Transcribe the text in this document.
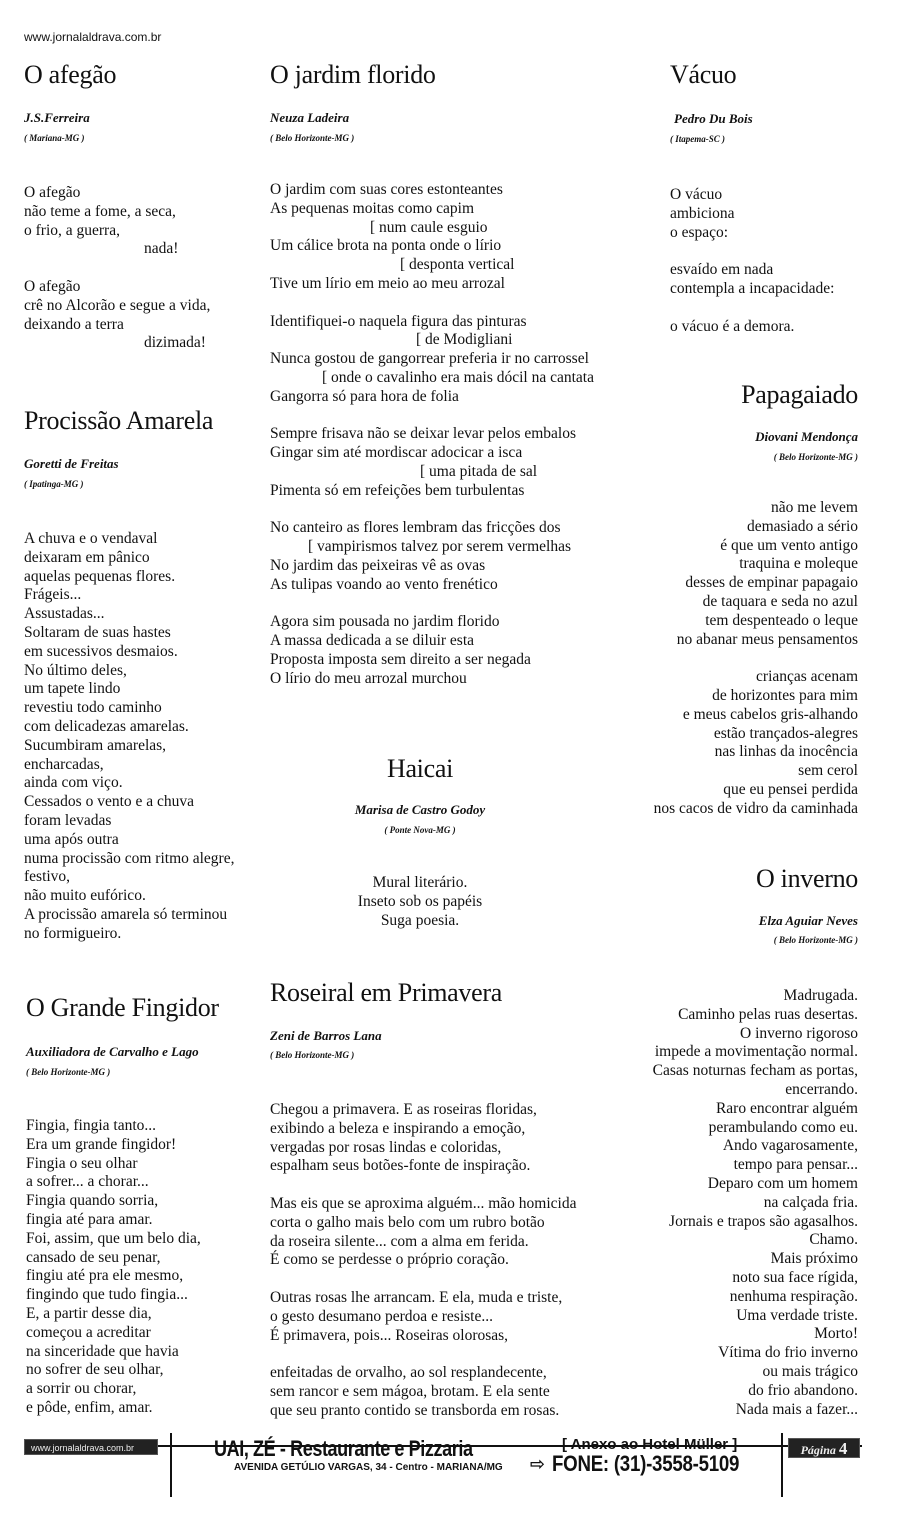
www.jornalaldrava.com.br
O afegão
J.S.Ferreira
( Mariana-MG )
O afegão
não teme a fome, a seca,
o frio, a guerra,
nada!
O afegão
crê no Alcorão e segue a vida,
deixando a terra
dizimada!
Procissão Amarela
Goretti de Freitas
( Ipatinga-MG )
A chuva e o vendaval
deixaram em pânico
aquelas pequenas flores.
Frágeis...
Assustadas...
Soltaram de suas hastes
em sucessivos desmaios.
No último deles,
um tapete lindo
revestiu todo caminho
com delicadezas amarelas.
Sucumbiram amarelas,
encharcadas,
ainda com viço.
Cessados o vento e a chuva
foram levadas
uma após outra
numa procissão com ritmo alegre,
festivo,
não muito eufórico.
A procissão amarela só terminou
no formigueiro.
O Grande Fingidor
Auxiliadora de Carvalho e Lago
( Belo Horizonte-MG )
Fingia, fingia tanto...
Era um grande fingidor!
Fingia o seu olhar
a sofrer... a chorar...
Fingia quando sorria,
fingia até para amar.
Foi, assim, que um belo dia,
cansado de seu penar,
fingiu até pra ele mesmo,
fingindo que tudo fingia...
E, a partir desse dia,
começou a acreditar
na sinceridade que havia
no sofrer de seu olhar,
a sorrir ou chorar,
e pôde, enfim, amar.
O jardim florido
Neuza Ladeira
( Belo Horizonte-MG )
O jardim com suas cores estonteantes
As pequenas moitas como capim
[ num caule esguio
Um cálice brota na ponta onde o lírio
[ desponta vertical
Tive um lírio em meio ao meu arrozal
Identifiquei-o naquela figura das pinturas
[ de Modigliani
Nunca gostou de gangorrear preferia ir no carrossel
[ onde o cavalinho era mais dócil na cantata
Gangorra só para hora de folia
Sempre frisava não se deixar levar pelos embalos
Gingar sim até mordiscar adocicar a isca
[ uma pitada de sal
Pimenta só em refeições bem turbulentas
No canteiro as flores lembram das fricções dos
[ vampirismos talvez por serem vermelhas
No jardim das peixeiras vê as ovas
As tulipas voando ao vento frenético
Agora sim pousada no jardim florido
A massa dedicada a se diluir esta
Proposta imposta sem direito a ser negada
O lírio do meu arrozal murchou
Haicai
Marisa de Castro Godoy
( Ponte Nova-MG )
Mural literário.
Inseto sob os papéis
Suga poesia.
Roseiral em Primavera
Zeni de Barros Lana
( Belo Horizonte-MG )
Chegou a primavera. E as roseiras floridas,
exibindo a beleza e inspirando a emoção,
vergadas por rosas lindas e coloridas,
espalham seus botões-fonte de inspiração.
Mas eis que se aproxima alguém... mão homicida
corta o galho mais belo com um rubro botão
da roseira silente... com a alma em ferida.
É como se perdesse o próprio coração.
Outras rosas lhe arrancam. E ela, muda e triste,
o gesto desumano perdoa e resiste...
É primavera, pois... Roseiras olorosas,
enfeitadas de orvalho, ao sol resplandecente,
sem rancor e sem mágoa, brotam. E ela sente
que seu pranto contido se transborda em rosas.
Vácuo
Pedro Du Bois
( Itapema-SC )
O vácuo
ambiciona
o espaço:
esvaído em nada
contempla a incapacidade:
o vácuo é a demora.
Papagaiado
Diovani Mendonça
( Belo Horizonte-MG )
não me levem
demasiado a sério
é que um vento antigo
traquina e moleque
desses de empinar papagaio
de taquara e seda no azul
tem despenteado o leque
no abanar meus pensamentos
crianças acenam
de horizontes para mim
e meus cabelos gris-alhando
estão trançados-alegres
nas linhas da inocência
sem cerol
que eu pensei perdida
nos cacos de vidro da caminhada
O inverno
Elza Aguiar Neves
( Belo Horizonte-MG )
Madrugada.
Caminho pelas ruas desertas.
O inverno rigoroso
impede a movimentação normal.
Casas noturnas fecham as portas,
encerrando.
Raro encontrar alguém
perambulando como eu.
Ando vagarosamente,
tempo para pensar...
Deparo com um homem
na calçada fria.
Jornais e trapos são agasalhos.
Chamo.
Mais próximo
noto sua face rígida,
nenhuma respiração.
Uma verdade triste.
Morto!
Vítima do frio inverno
ou mais trágico
do frio abandono.
Nada mais a fazer...
www.jornalaldrava.com.br	UAI, ZÉ - Restaurante e Pizzaria
AVENIDA GETÚLIO VARGAS, 34 - Centro - MARIANA/MG
[ Anexo ao Hotel Müller ]
⇨ FONE: (31)-3558-5109
Página 4
